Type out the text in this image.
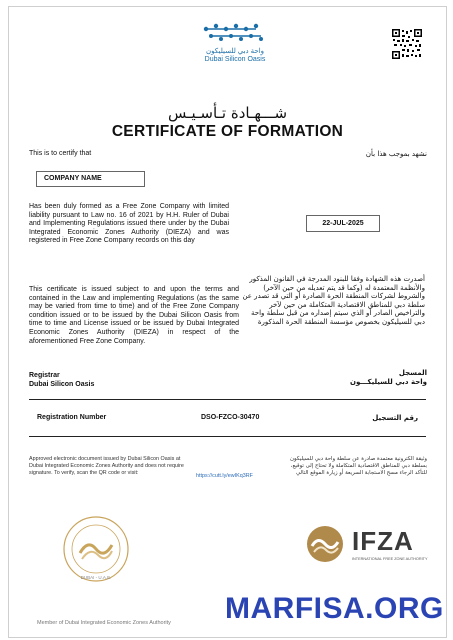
واحة دبي للسيليكون
Dubai Silicon Oasis
شـــهـادة تـأسـيـس
CERTIFICATE OF FORMATION
This is to certify that	نشهد بموجب هذا بأن
COMPANY NAME
Has been duly formed as a Free Zone Company with limited liability pursuant to Law no. 16 of 2021 by H.H. Ruler of Dubai and Implementing Regulations issued there under by the Dubai Integrated Economic Zones Authority (DIEZA) and was registered in Free Zone Company records on this day
22-JUL-2025
This certificate is issued subject to and upon the terms and contained in the Law and implementing Regulations (as the same may be varied from time to time) and of the Free Zone Company condition issued or to be issued by the Dubai Silicon Oasis from time to time and License issued or be issued by Dubai Integrated Economic Zones Authority (DIEZA) in respect of the aforementioned Free Zone Company.
أصدرت هذه الشهادة وفقا للبنود المدرجة في القانون المذكور والأنظمة المعتمدة له (وكما قد يتم تعديله من حين الآخر) والشروط لشركات المنطقة الحرة الصادرة أو التي قد تصدر عن سلطة دبي للمناطق الاقتصادية المتكاملة من حين لآخر والتراخيص الصادر أو الذي سيتم إصداره من قبل سلطة واحة دبي للسيليكون بخصوص مؤسسة المنطقة الحرة المذكورة
Registrar
Dubai Silicon Oasis
المسجل
واحة دبي للسيليكـــون
Registration Number	DSO-FZCO-30470	رقم التسجيل
Approved electronic document issued by Dubai Silicon Oasis at Dubai Integrated Economic Zones Authority and does not require signature. To verify, scan the QR code or visit:
https://cutt.ly/ewIKq3RF
وثيقة الكترونية معتمدة صادرة عن سلطة واحة دبي للسيليكون بسلطة دبي للمناطق الاقتصادية المتكاملة ولا تحتاج إلى توقيع، للتأكد الرجاء مسح الاستجابة السريعة أو زيارة الموقع التالي
DUBAI - U.A.E.
IFZA
INTERNATIONAL FREE ZONE AUTHORITY
Member of Dubai Integrated Economic Zones Authority MARFISA.ORG
